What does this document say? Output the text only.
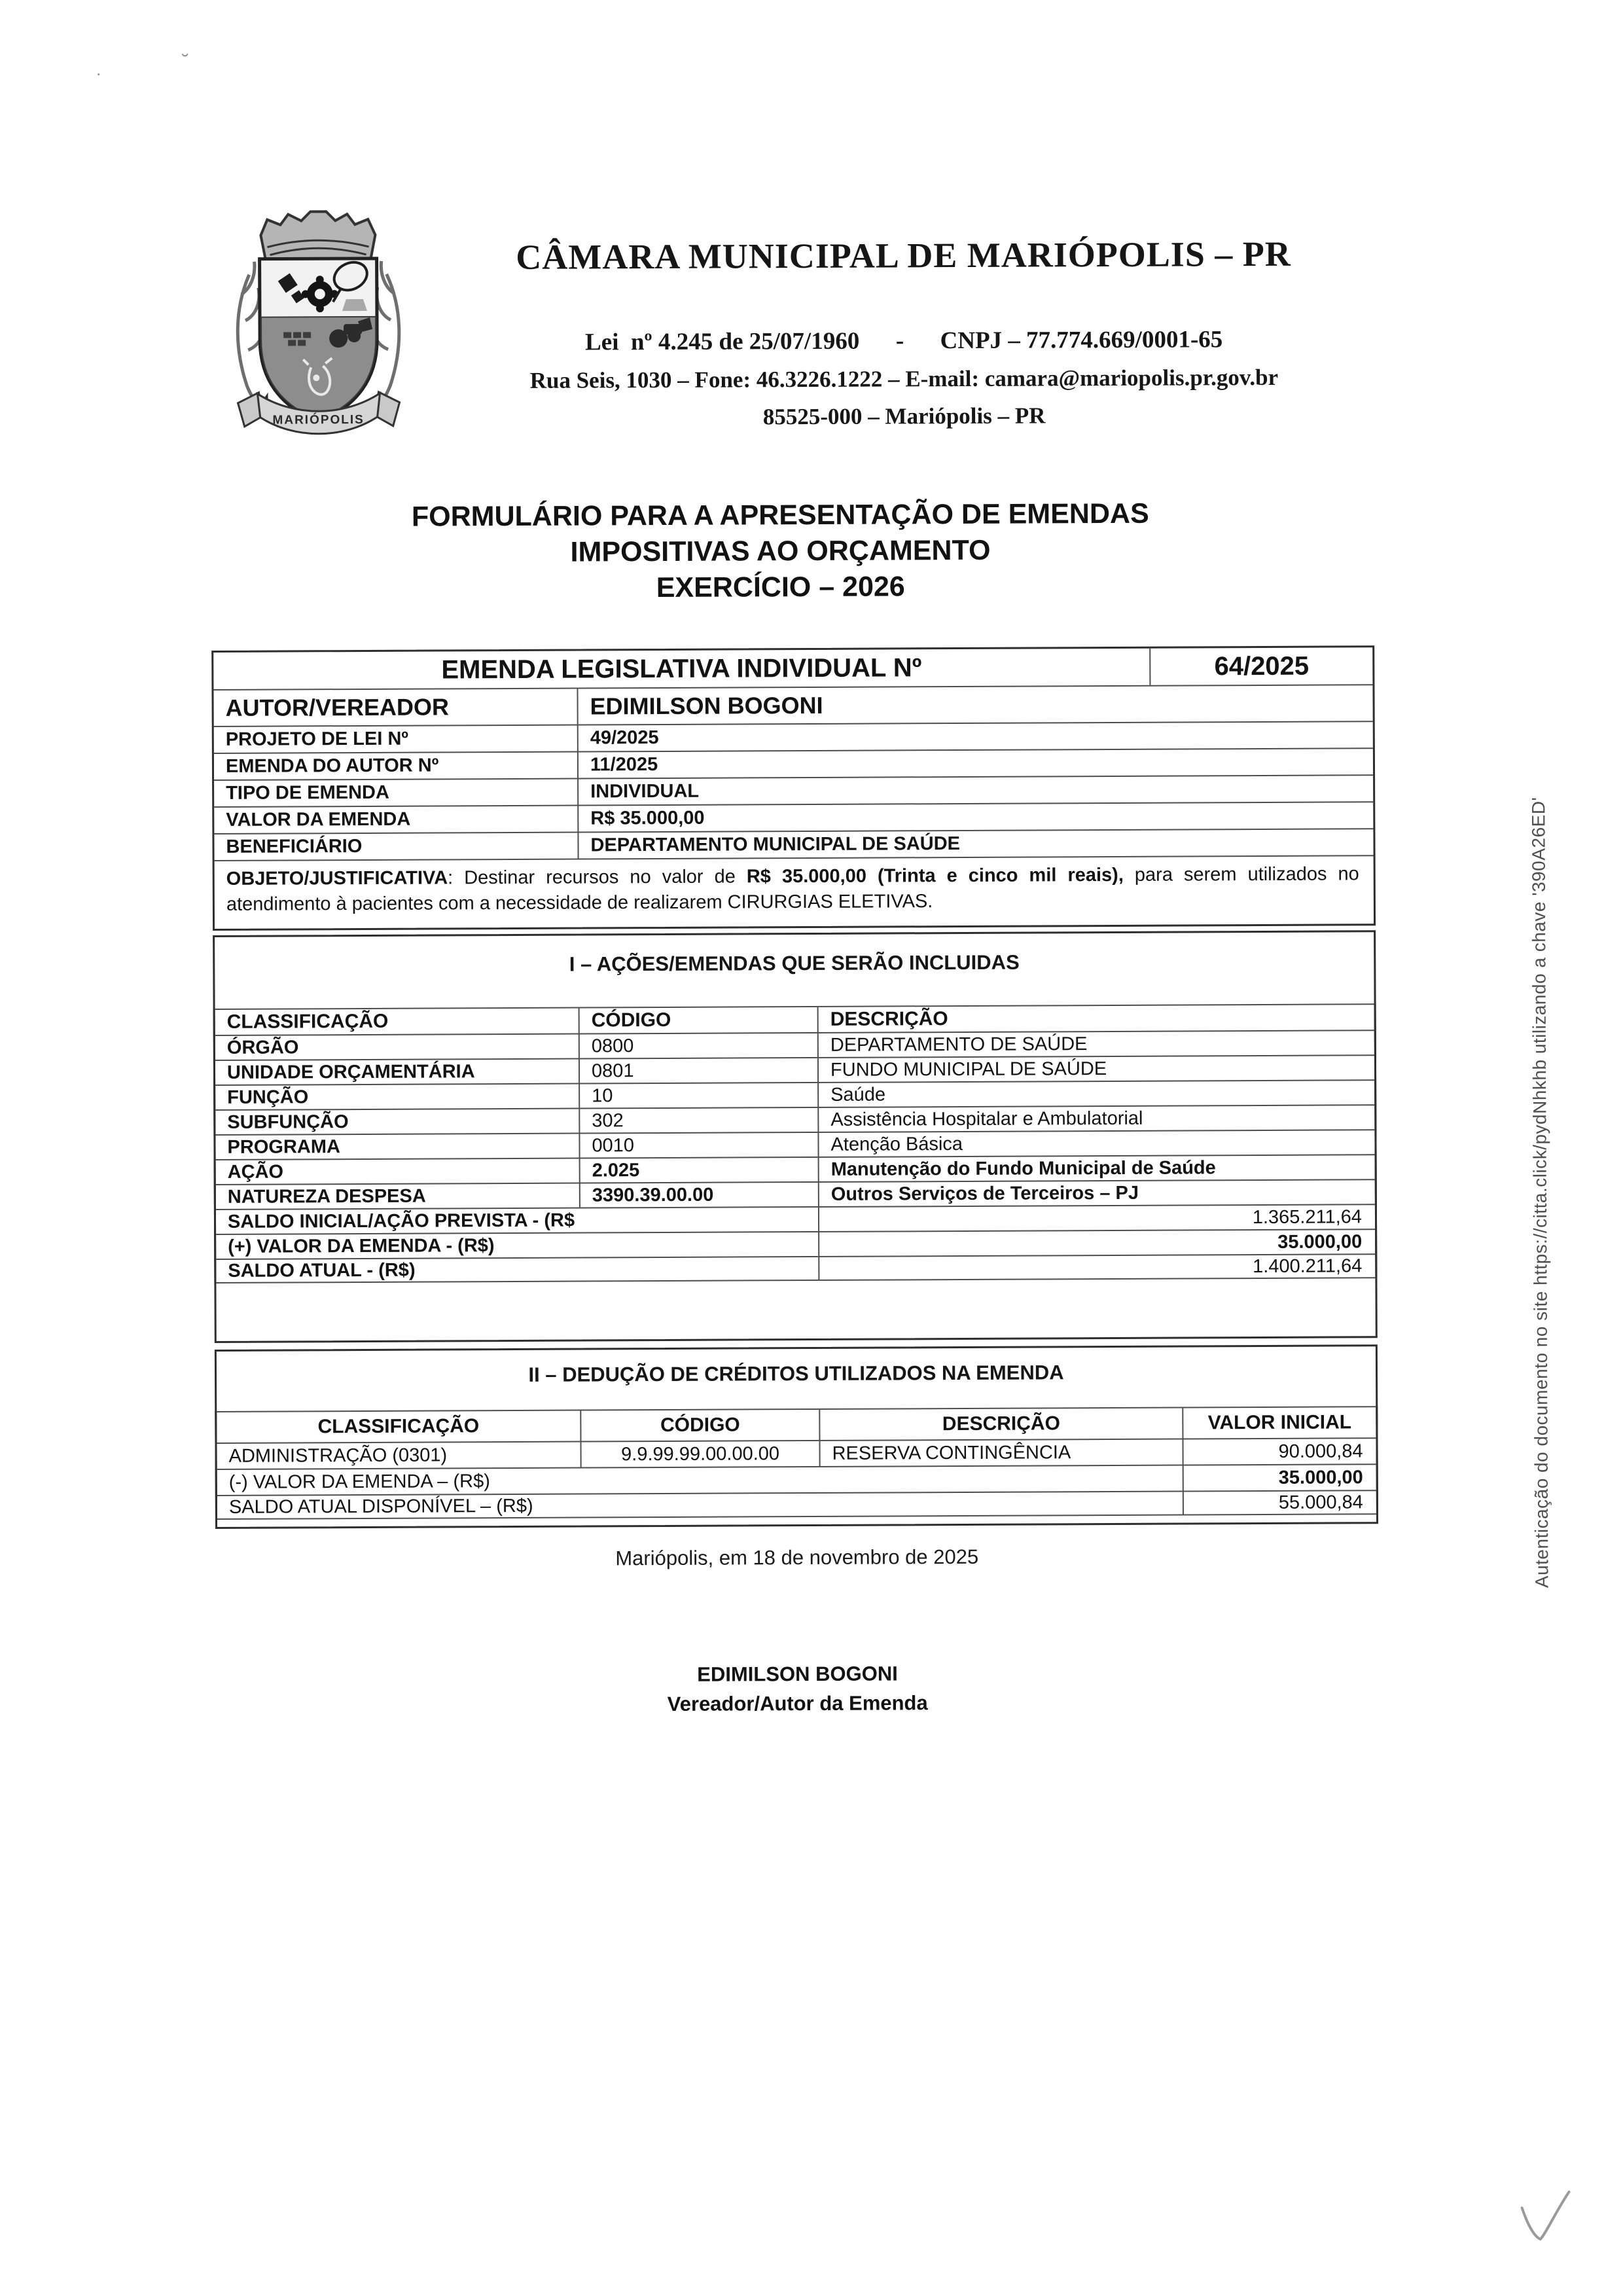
·
˘
MARIÓPOLIS
CÂMARA MUNICIPAL DE MARIÓPOLIS – PR
Lei  nº 4.245 de 25/07/1960      -      CNPJ – 77.774.669/0001-65
Rua Seis, 1030 – Fone: 46.3226.1222 – E-mail: camara@mariopolis.pr.gov.br
85525-000 – Mariópolis – PR
FORMULÁRIO PARA A APRESENTAÇÃO DE EMENDAS
IMPOSITIVAS AO ORÇAMENTO
EXERCÍCIO – 2026
EMENDA LEGISLATIVA INDIVIDUAL Nº	64/2025
AUTOR/VEREADOR	EDIMILSON BOGONI
PROJETO DE LEI Nº	49/2025
EMENDA DO AUTOR Nº	11/2025
TIPO DE EMENDA	INDIVIDUAL
VALOR DA EMENDA	R$ 35.000,00
BENEFICIÁRIO	DEPARTAMENTO MUNICIPAL DE SAÚDE
OBJETO/JUSTIFICATIVA: Destinar recursos no valor de R$ 35.000,00 (Trinta e cinco mil reais), para serem utilizados no atendimento à pacientes com a necessidade de realizarem CIRURGIAS ELETIVAS.
I – AÇÕES/EMENDAS QUE SERÃO INCLUIDAS
CLASSIFICAÇÃO	CÓDIGO	DESCRIÇÃO
ÓRGÃO	0800	DEPARTAMENTO DE SAÚDE
UNIDADE ORÇAMENTÁRIA	0801	FUNDO MUNICIPAL DE SAÚDE
FUNÇÃO	10	Saúde
SUBFUNÇÃO	302	Assistência Hospitalar e Ambulatorial
PROGRAMA	0010	Atenção Básica
AÇÃO	2.025	Manutenção do Fundo Municipal de Saúde
NATUREZA DESPESA	3390.39.00.00	Outros Serviços de Terceiros – PJ
SALDO INICIAL/AÇÃO PREVISTA - (R$	1.365.211,64
(+) VALOR DA EMENDA - (R$)	35.000,00
SALDO ATUAL - (R$)	1.400.211,64
II – DEDUÇÃO DE CRÉDITOS UTILIZADOS NA EMENDA
CLASSIFICAÇÃO	CÓDIGO	DESCRIÇÃO	VALOR INICIAL
ADMINISTRAÇÃO (0301)	9.9.99.99.00.00.00	RESERVA CONTINGÊNCIA	90.000,84
(-) VALOR DA EMENDA – (R$)	35.000,00
SALDO ATUAL DISPONÍVEL – (R$)	55.000,84
Mariópolis, em 18 de novembro de 2025
EDIMILSON BOGONI
Vereador/Autor da Emenda
Autenticação do documento no site https://citta.click/pydNhkhb utilizando a chave '390A26ED'
